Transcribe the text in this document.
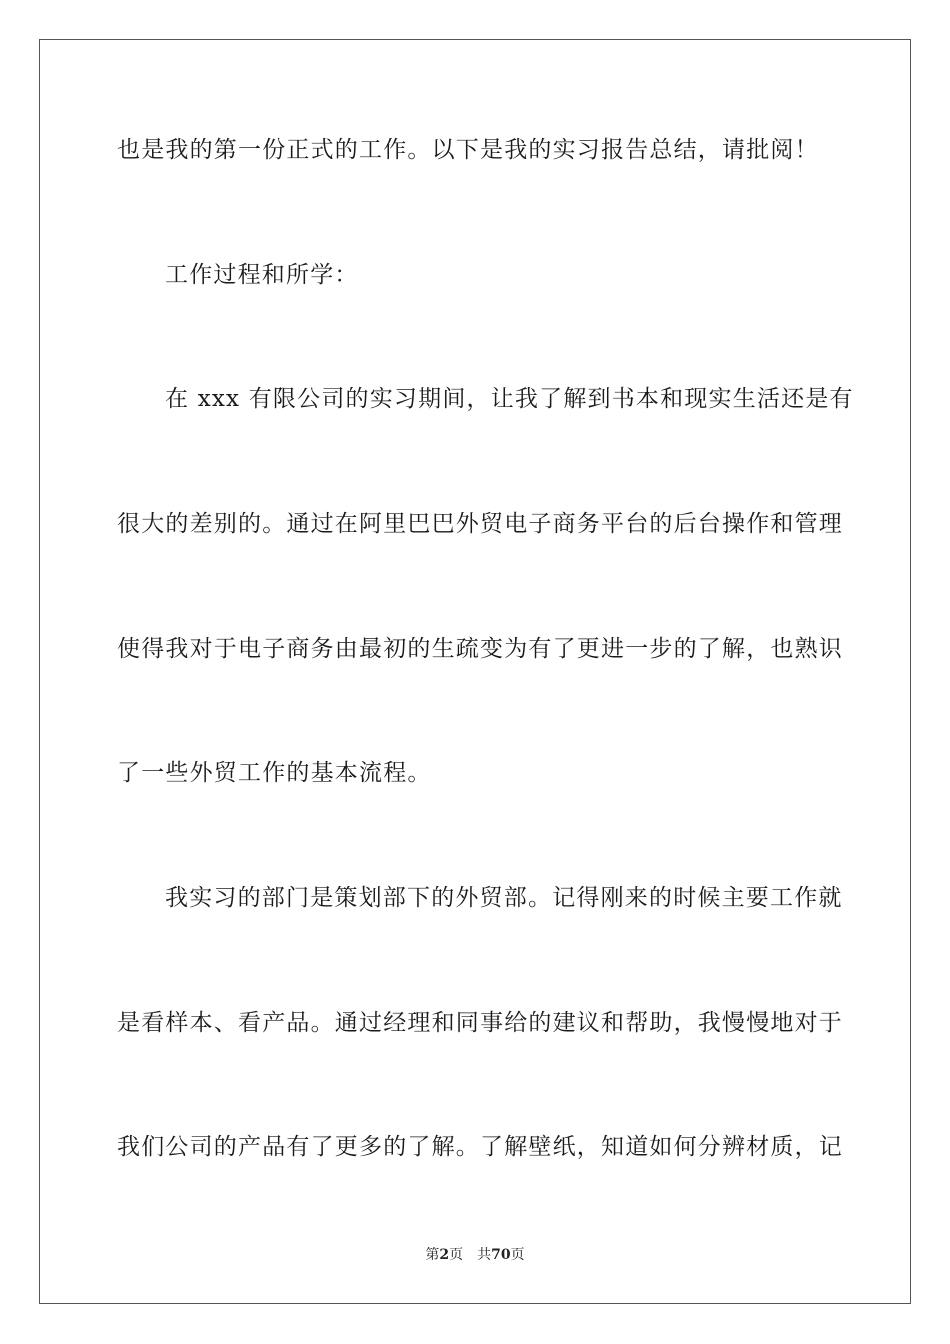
也是我的第一份正式的工作。以下是我的实习报告总结，请批阅！
工作过程和所学：
在 xxx 有限公司的实习期间，让我了解到书本和现实生活还是有
很大的差别的。通过在阿里巴巴外贸电子商务平台的后台操作和管理
使得我对于电子商务由最初的生疏变为有了更进一步的了解，也熟识
了一些外贸工作的基本流程。
我实习的部门是策划部下的外贸部。记得刚来的时候主要工作就
是看样本、看产品。通过经理和同事给的建议和帮助，我慢慢地对于
我们公司的产品有了更多的了解。了解壁纸，知道如何分辨材质，记
第2页 共70页
